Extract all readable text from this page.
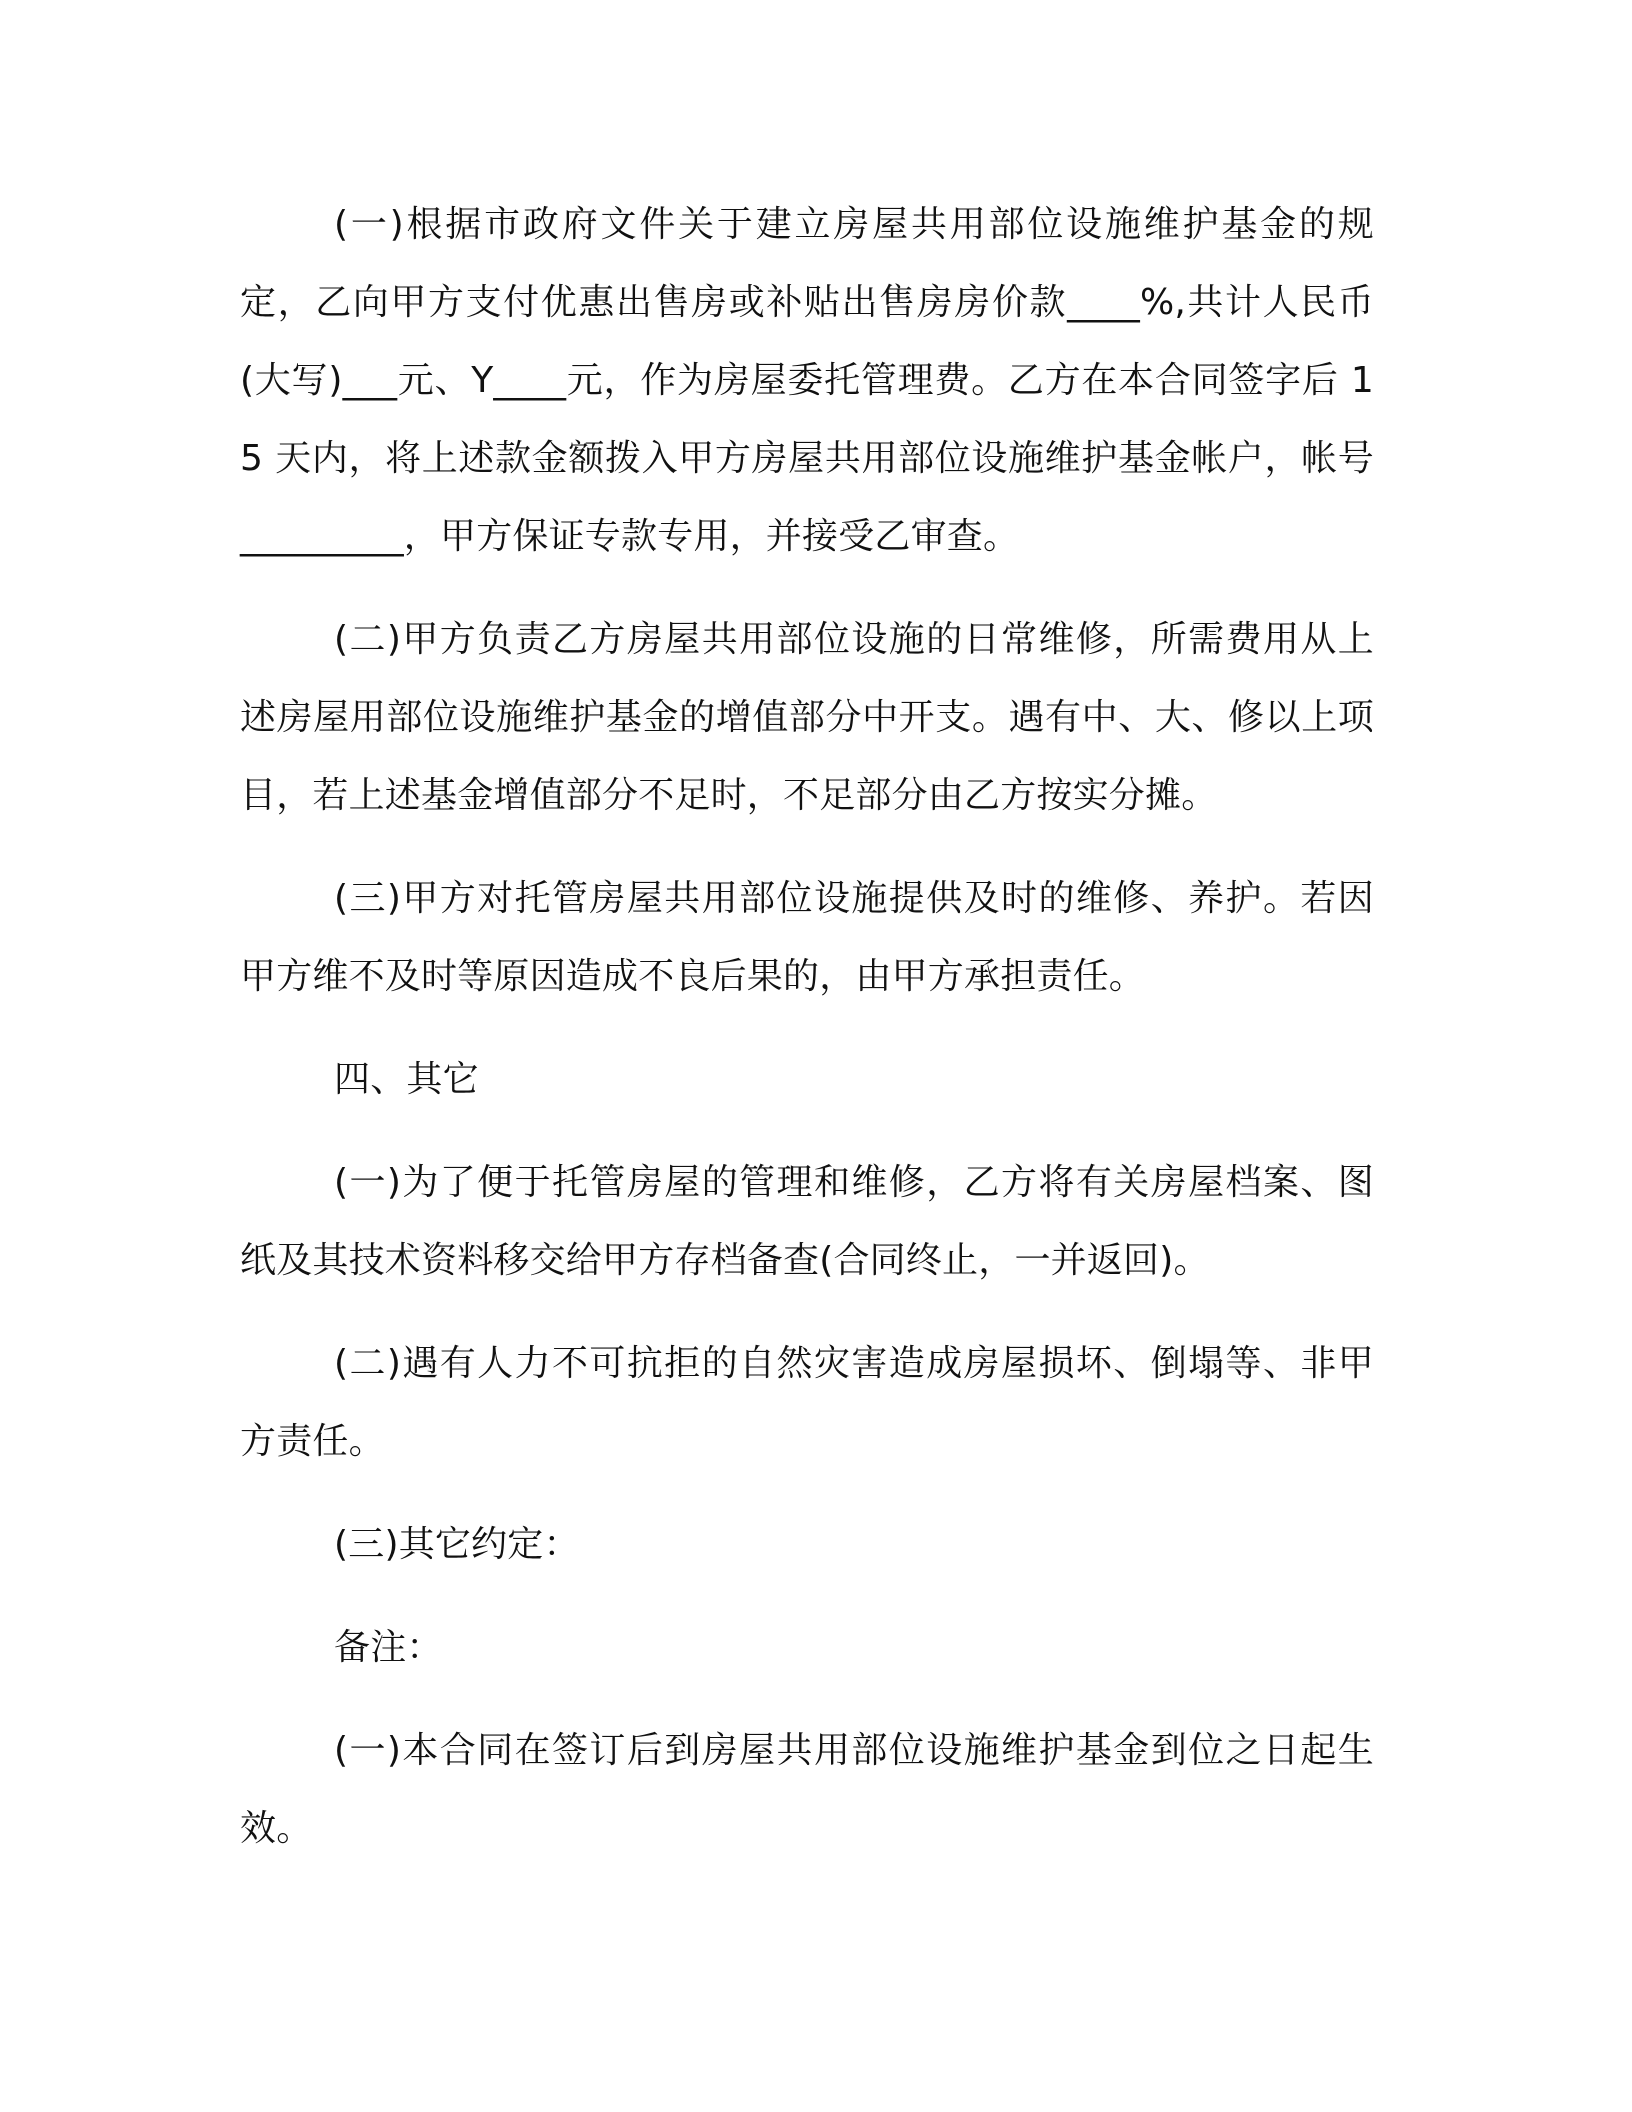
(一)根据市政府文件关于建立房屋共用部位设施维护基金的规定，乙向甲方支付优惠出售房或补贴出售房房价款____%,共计人民币(大写)___元、Y____元，作为房屋委托管理费。乙方在本合同签字后 15 天内，将上述款金额拨入甲方房屋共用部位设施维护基金帐户，帐号_________，甲方保证专款专用，并接受乙审查。

(二)甲方负责乙方房屋共用部位设施的日常维修，所需费用从上述房屋用部位设施维护基金的增值部分中开支。遇有中、大、修以上项目，若上述基金增值部分不足时，不足部分由乙方按实分摊。

(三)甲方对托管房屋共用部位设施提供及时的维修、养护。若因甲方维不及时等原因造成不良后果的，由甲方承担责任。

四、其它

(一)为了便于托管房屋的管理和维修，乙方将有关房屋档案、图纸及其技术资料移交给甲方存档备查(合同终止，一并返回)。

(二)遇有人力不可抗拒的自然灾害造成房屋损坏、倒塌等、非甲方责任。

(三)其它约定：

备注：

(一)本合同在签订后到房屋共用部位设施维护基金到位之日起生效。
